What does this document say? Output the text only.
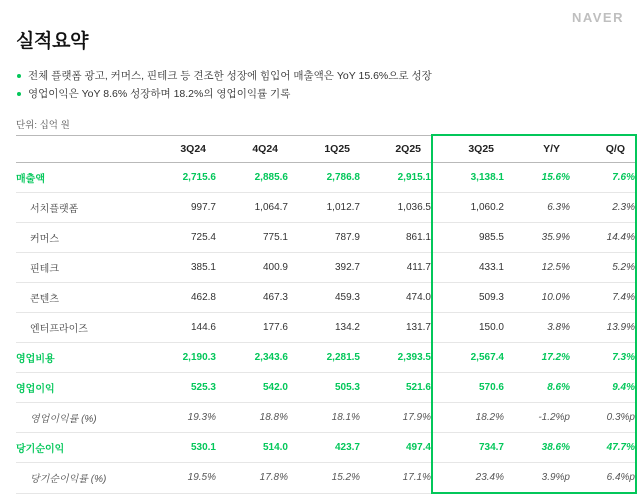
NAVER
실적요약
전체 플랫폼 광고, 커머스, 핀테크 등 견조한 성장에 힘입어 매출액은 YoY 15.6%으로 성장
영업이익은 YoY 8.6% 성장하며 18.2%의 영업이익률 기록
단위: 십억 원
	3Q24	4Q24	1Q25	2Q25	3Q25	Y/Y	Q/Q
매출액	2,715.6	2,885.6	2,786.8	2,915.1	3,138.1	15.6%	7.6%
서치플랫폼	997.7	1,064.7	1,012.7	1,036.5	1,060.2	6.3%	2.3%
커머스	725.4	775.1	787.9	861.1	985.5	35.9%	14.4%
핀테크	385.1	400.9	392.7	411.7	433.1	12.5%	5.2%
콘텐츠	462.8	467.3	459.3	474.0	509.3	10.0%	7.4%
엔터프라이즈	144.6	177.6	134.2	131.7	150.0	3.8%	13.9%
영업비용	2,190.3	2,343.6	2,281.5	2,393.5	2,567.4	17.2%	7.3%
영업이익	525.3	542.0	505.3	521.6	570.6	8.6%	9.4%
영업이익률 (%)	19.3%	18.8%	18.1%	17.9%	18.2%	-1.2%p	0.3%p
당기순이익	530.1	514.0	423.7	497.4	734.7	38.6%	47.7%
당기순이익률 (%)	19.5%	17.8%	15.2%	17.1%	23.4%	3.9%p	6.4%p
